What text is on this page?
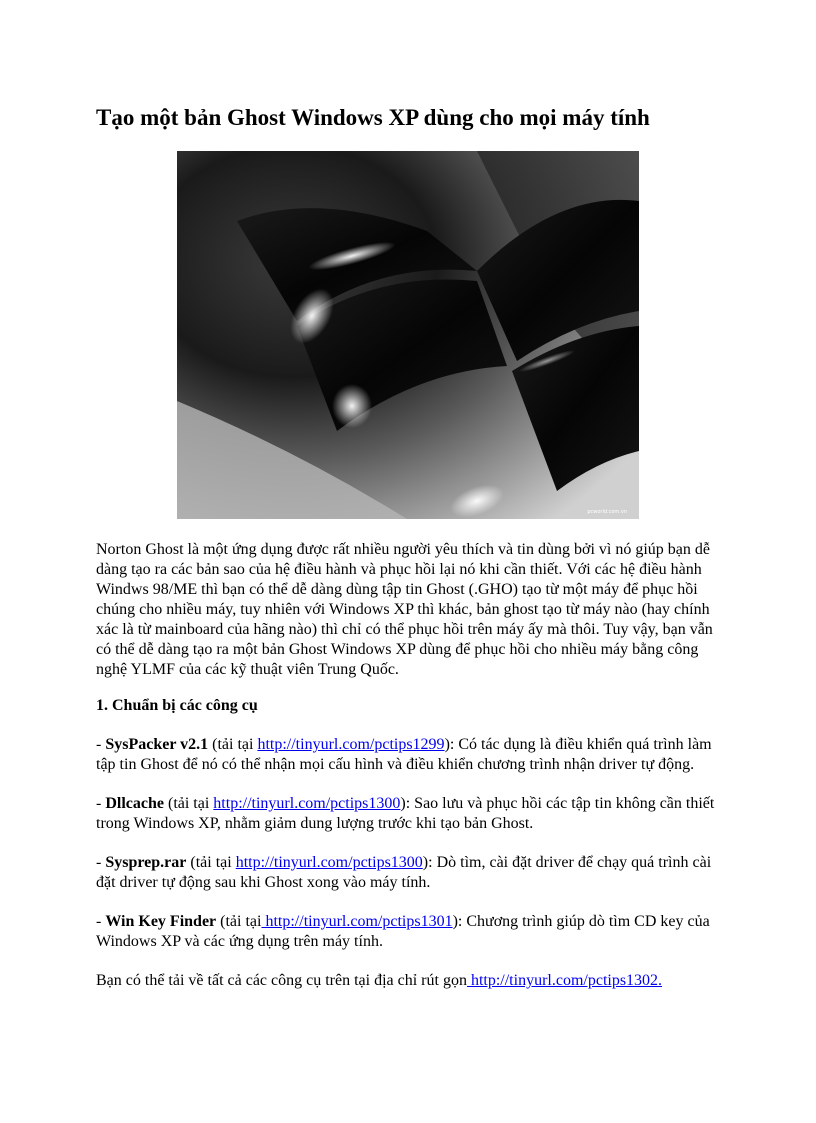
Tạo một bản Ghost Windows XP dùng cho mọi máy tính
pcworld.com.vn

Norton Ghost là một ứng dụng được rất nhiều người yêu thích và tin dùng bởi vì nó giúp bạn dễ dàng tạo ra các bản sao của hệ điều hành và phục hồi lại nó khi cần thiết. Với các hệ điều hành Windws 98/ME thì bạn có thể dễ dàng dùng tập tin Ghost (.GHO) tạo từ một máy để phục hồi chúng cho nhiều máy, tuy nhiên với Windows XP thì khác, bản ghost tạo từ máy nào (hay chính xác là từ mainboard của hãng nào) thì chỉ có thể phục hồi trên máy ấy mà thôi. Tuy vậy, bạn vẫn có thể dễ dàng tạo ra một bản Ghost Windows XP dùng để phục hồi cho nhiều máy bằng công nghệ YLMF của các kỹ thuật viên Trung Quốc.

1. Chuẩn bị các công cụ

- SysPacker v2.1 (tải tại http://tinyurl.com/pctips1299): Có tác dụng là điều khiển quá trình làm tập tin Ghost để nó có thể nhận mọi cấu hình và điều khiển chương trình nhận driver tự động.

- Dllcache (tải tại http://tinyurl.com/pctips1300): Sao lưu và phục hồi các tập tin không cần thiết trong Windows XP, nhằm giảm dung lượng trước khi tạo bản Ghost.

- Sysprep.rar (tải tại http://tinyurl.com/pctips1300): Dò tìm, cài đặt driver để chạy quá trình cài đặt driver tự động sau khi Ghost xong vào máy tính.

- Win Key Finder (tải tại http://tinyurl.com/pctips1301): Chương trình giúp dò tìm CD key của Windows XP và các ứng dụng trên máy tính.

Bạn có thể tải về tất cả các công cụ trên tại địa chỉ rút gọn http://tinyurl.com/pctips1302.
